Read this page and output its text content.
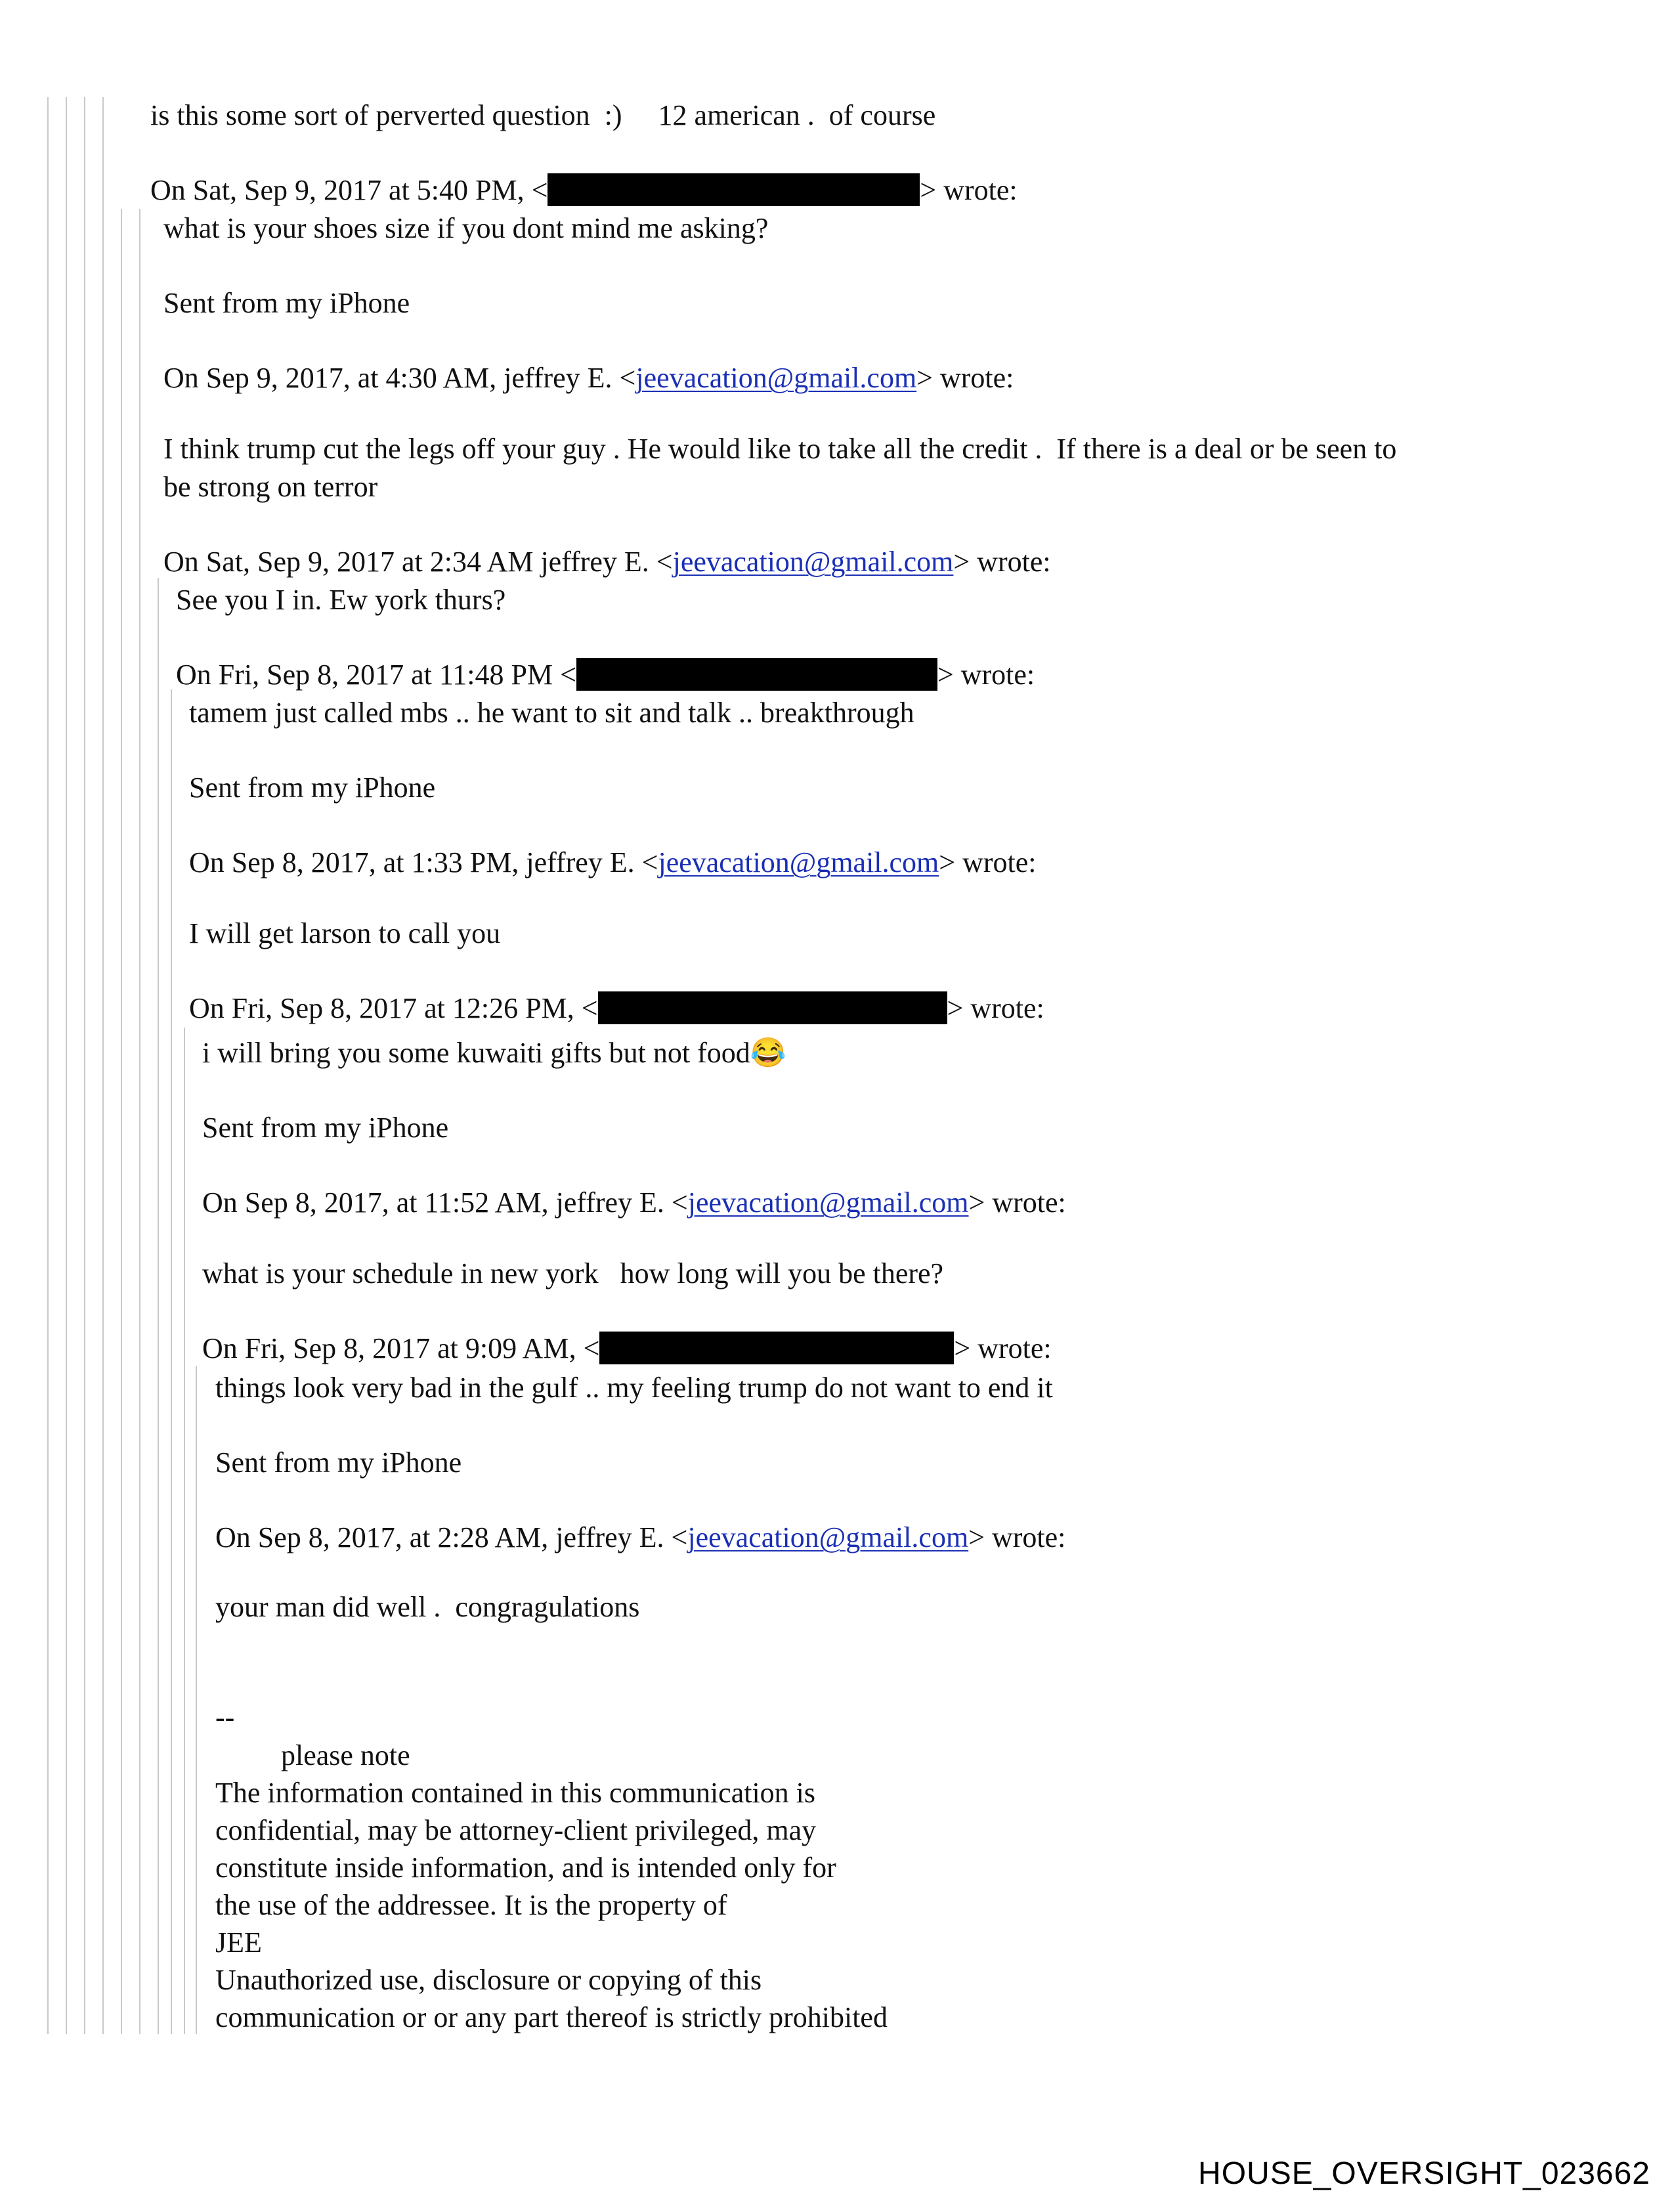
is this some sort of perverted question  :)     12 american .  of course
On Sat, Sep 9, 2017 at 5:40 PM, <	> wrote:
what is your shoes size if you dont mind me asking?
Sent from my iPhone
On Sep 9, 2017, at 4:30 AM, jeffrey E. <jeevacation@gmail.com> wrote:
I think trump cut the legs off your guy . He would like to take all the credit .  If there is a deal or be seen to
be strong on terror
On Sat, Sep 9, 2017 at 2:34 AM jeffrey E. <jeevacation@gmail.com> wrote:
See you I in. Ew york thurs?
On Fri, Sep 8, 2017 at 11:48 PM <	> wrote:
tamem just called mbs .. he want to sit and talk .. breakthrough
Sent from my iPhone
On Sep 8, 2017, at 1:33 PM, jeffrey E. <jeevacation@gmail.com> wrote:
I will get larson to call you
On Fri, Sep 8, 2017 at 12:26 PM, <	> wrote:
i will bring you some kuwaiti gifts but not food😂
Sent from my iPhone
On Sep 8, 2017, at 11:52 AM, jeffrey E. <jeevacation@gmail.com> wrote:
what is your schedule in new york   how long will you be there?
On Fri, Sep 8, 2017 at 9:09 AM, <	> wrote:
things look very bad in the gulf .. my feeling trump do not want to end it
Sent from my iPhone
On Sep 8, 2017, at 2:28 AM, jeffrey E. <jeevacation@gmail.com> wrote:
your man did well .  congragulations
--
please note
The information contained in this communication is
confidential, may be attorney-client privileged, may
constitute inside information, and is intended only for
the use of the addressee. It is the property of
JEE
Unauthorized use, disclosure or copying of this
communication or or any part thereof is strictly prohibited
HOUSE_OVERSIGHT_023662
